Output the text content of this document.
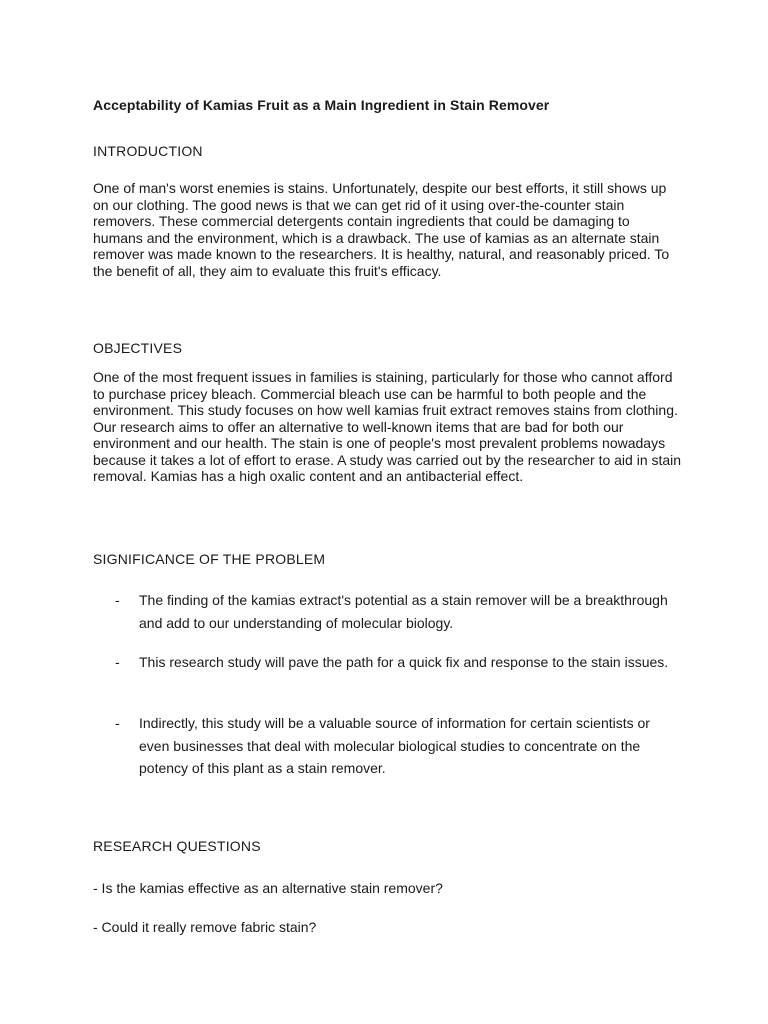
Acceptability of Kamias Fruit as a Main Ingredient in Stain Remover
INTRODUCTION

One of man's worst enemies is stains. Unfortunately, despite our best efforts, it still shows up on our clothing. The good news is that we can get rid of it using over-the-counter stain removers. These commercial detergents contain ingredients that could be damaging to humans and the environment, which is a drawback. The use of kamias as an alternate stain remover was made known to the researchers. It is healthy, natural, and reasonably priced. To the benefit of all, they aim to evaluate this fruit's efficacy.

OBJECTIVES

One of the most frequent issues in families is staining, particularly for those who cannot afford to purchase pricey bleach. Commercial bleach use can be harmful to both people and the environment. This study focuses on how well kamias fruit extract removes stains from clothing. Our research aims to offer an alternative to well-known items that are bad for both our environment and our health. The stain is one of people's most prevalent problems nowadays because it takes a lot of effort to erase. A study was carried out by the researcher to aid in stain removal. Kamias has a high oxalic content and an antibacterial effect.

SIGNIFICANCE OF THE PROBLEM
- The finding of the kamias extract's potential as a stain remover will be a breakthrough and add to our understanding of molecular biology.
- This research study will pave the path for a quick fix and response to the stain issues.
- Indirectly, this study will be a valuable source of information for certain scientists or even businesses that deal with molecular biological studies to concentrate on the potency of this plant as a stain remover.
RESEARCH QUESTIONS

- Is the kamias effective as an alternative stain remover?

- Could it really remove fabric stain?
